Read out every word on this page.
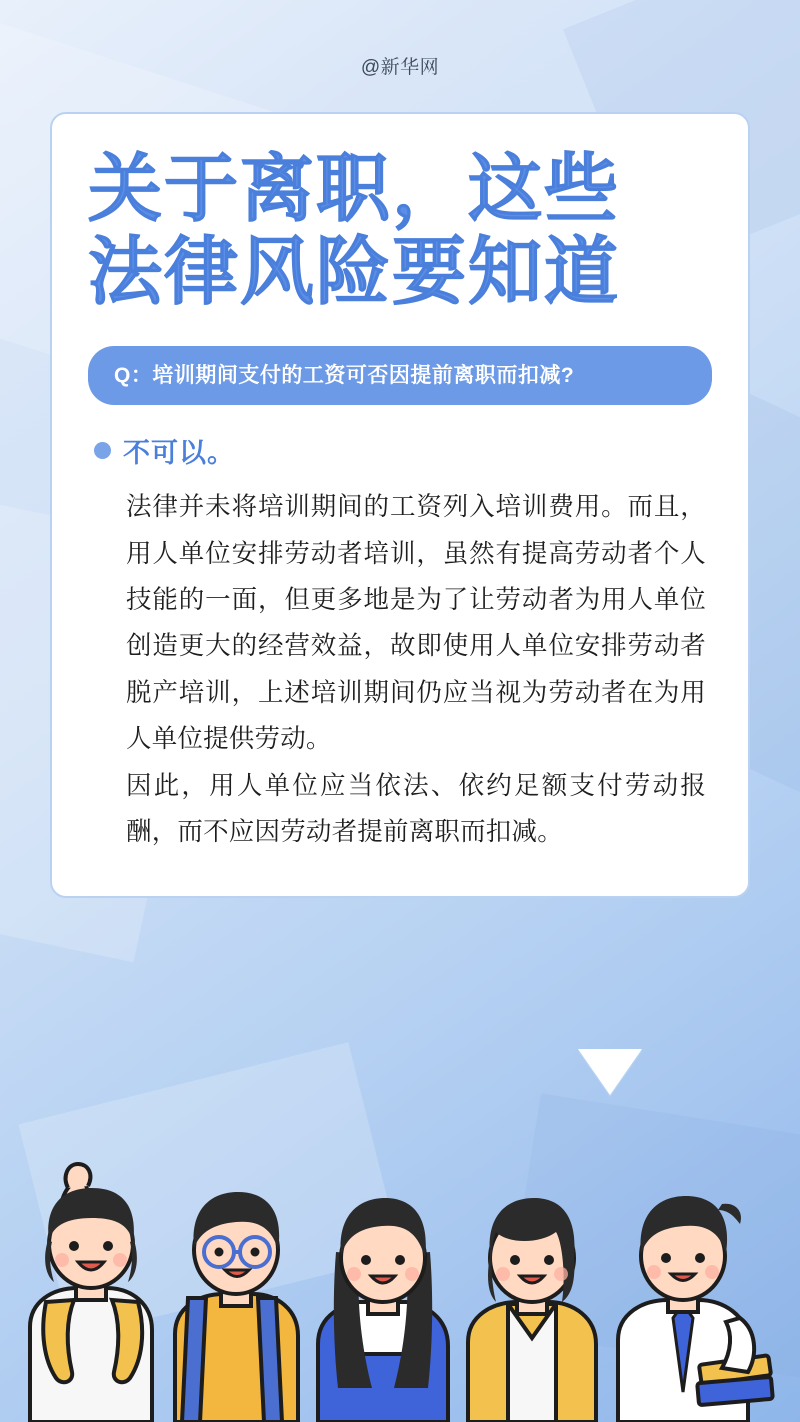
@新华网
关于离职，这些
法律风险要知道
Q：培训期间支付的工资可否因提前离职而扣减?
不可以。

法律并未将培训期间的工资列入培训费用。而且，用人单位安排劳动者培训，虽然有提高劳动者个人技能的一面，但更多地是为了让劳动者为用人单位创造更大的经营效益，故即使用人单位安排劳动者脱产培训，上述培训期间仍应当视为劳动者在为用人单位提供劳动。

因此，用人单位应当依法、依约足额支付劳动报酬，而不应因劳动者提前离职而扣减。
